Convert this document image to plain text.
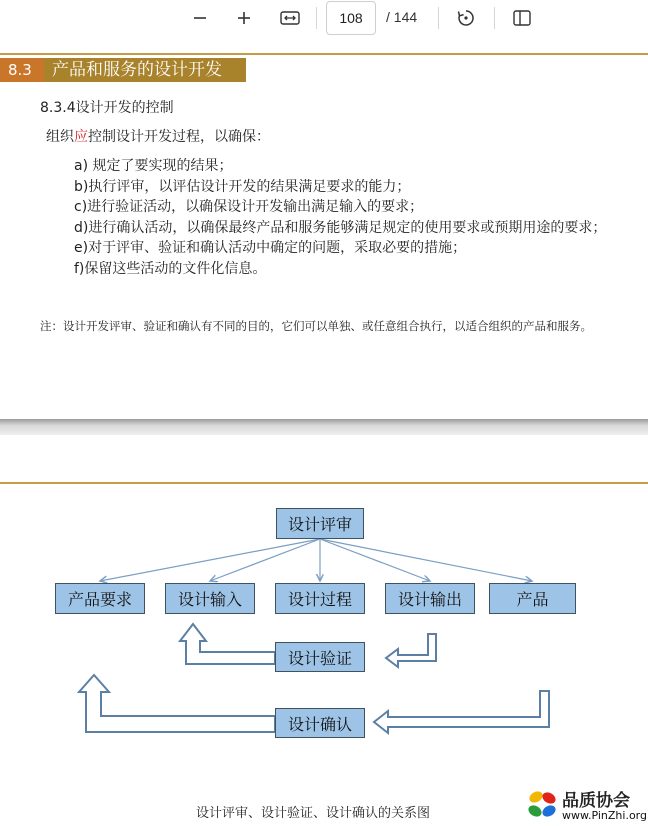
108
/ 144
8.3	产品和服务的设计开发
8.3.4设计开发的控制
组织应控制设计开发过程，以确保：
a) 规定了要实现的结果；
b)执行评审，以评估设计开发的结果满足要求的能力；
c)进行验证活动，以确保设计开发输出满足输入的要求；
d)进行确认活动，以确保最终产品和服务能够满足规定的使用要求或预期用途的要求；
e)对于评审、验证和确认活动中确定的问题，采取必要的措施；
f)保留这些活动的文件化信息。
注：设计开发评审、验证和确认有不同的目的，它们可以单独、或任意组合执行，以适合组织的产品和服务。
设计评审
产品要求	设计输入	设计过程	设计输出	产品
设计验证
设计确认
设计评审、设计验证、设计确认的关系图
品质协会
www.PinZhi.org
